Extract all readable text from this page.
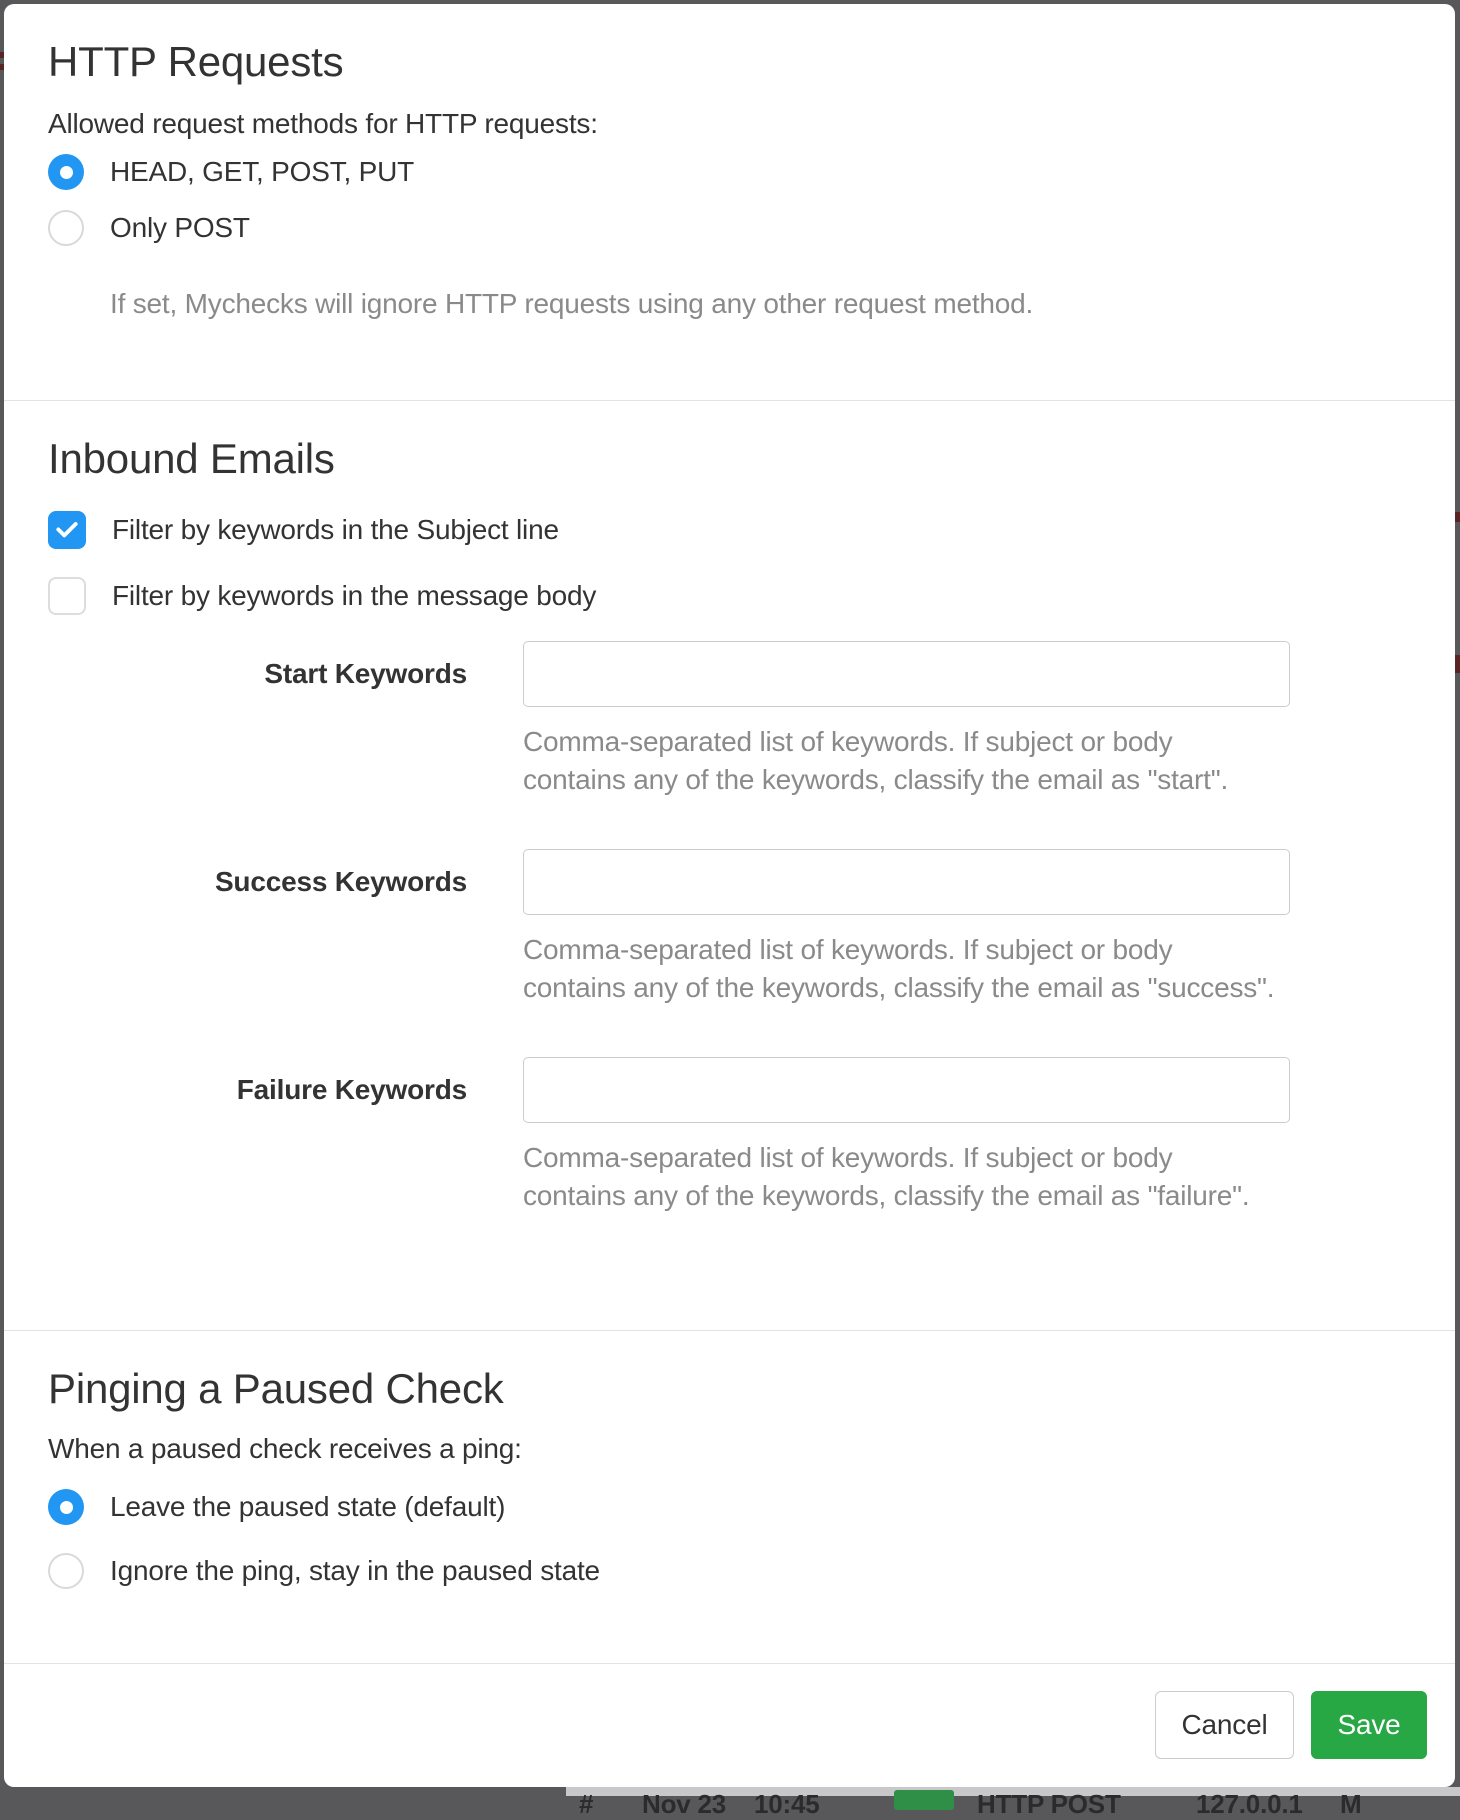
HTTP Requests
Allowed request methods for HTTP requests:
HEAD, GET, POST, PUT
Only POST
If set, Mychecks will ignore HTTP requests using any other request method.
Inbound Emails
Filter by keywords in the Subject line
Filter by keywords in the message body
Start Keywords
Comma-separated list of keywords. If subject or body
contains any of the keywords, classify the email as "start".
Success Keywords
Comma-separated list of keywords. If subject or body
contains any of the keywords, classify the email as "success".
Failure Keywords
Comma-separated list of keywords. If subject or body
contains any of the keywords, classify the email as "failure".
Pinging a Paused Check
When a paused check receives a ping:
Leave the paused state (default)
Ignore the ping, stay in the paused state
Cancel	Save
# Nov 23 10:45	HTTP POST	127.0.0.1 M
